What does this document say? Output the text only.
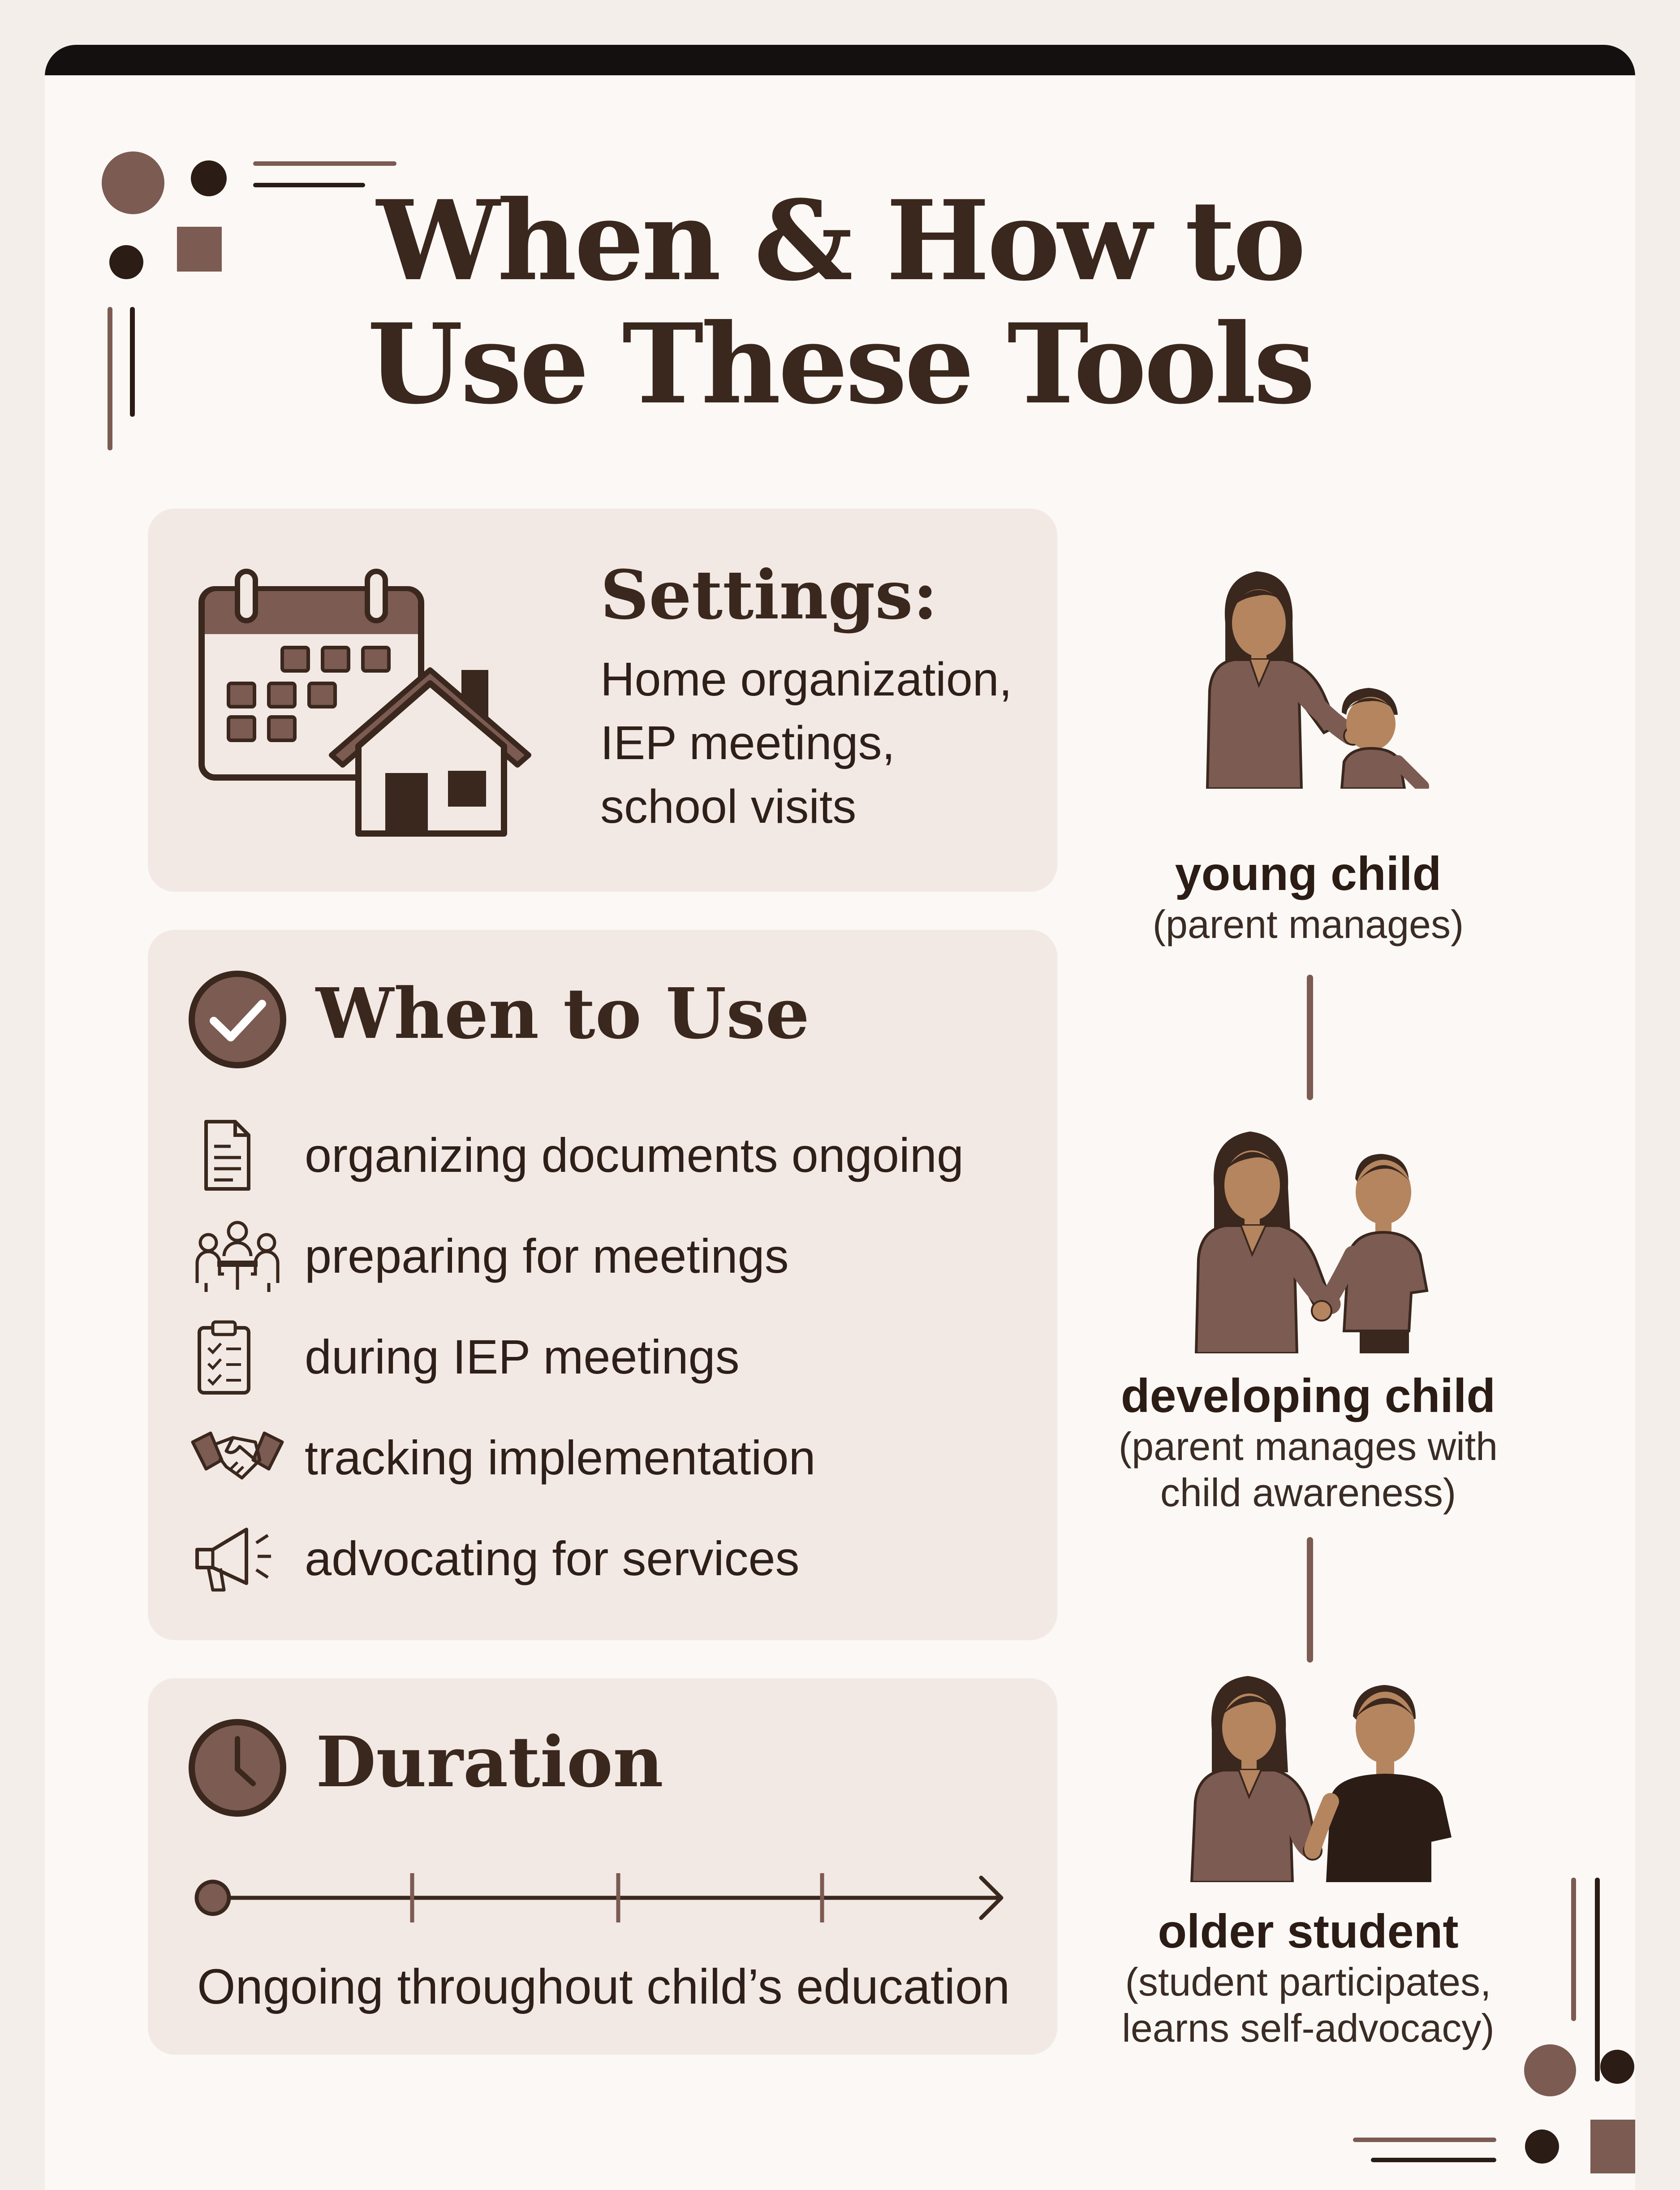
When & How to
Use These Tools
Settings:
Home organization,
IEP meetings,
school visits
When to Use
organizing documents ongoing
preparing for meetings
during IEP meetings
tracking implementation
advocating for services
Duration
Ongoing throughout child’s education
young child
(parent manages)
developing child
(parent manages with
child awareness)
older student
(student participates,
learns self-advocacy)
